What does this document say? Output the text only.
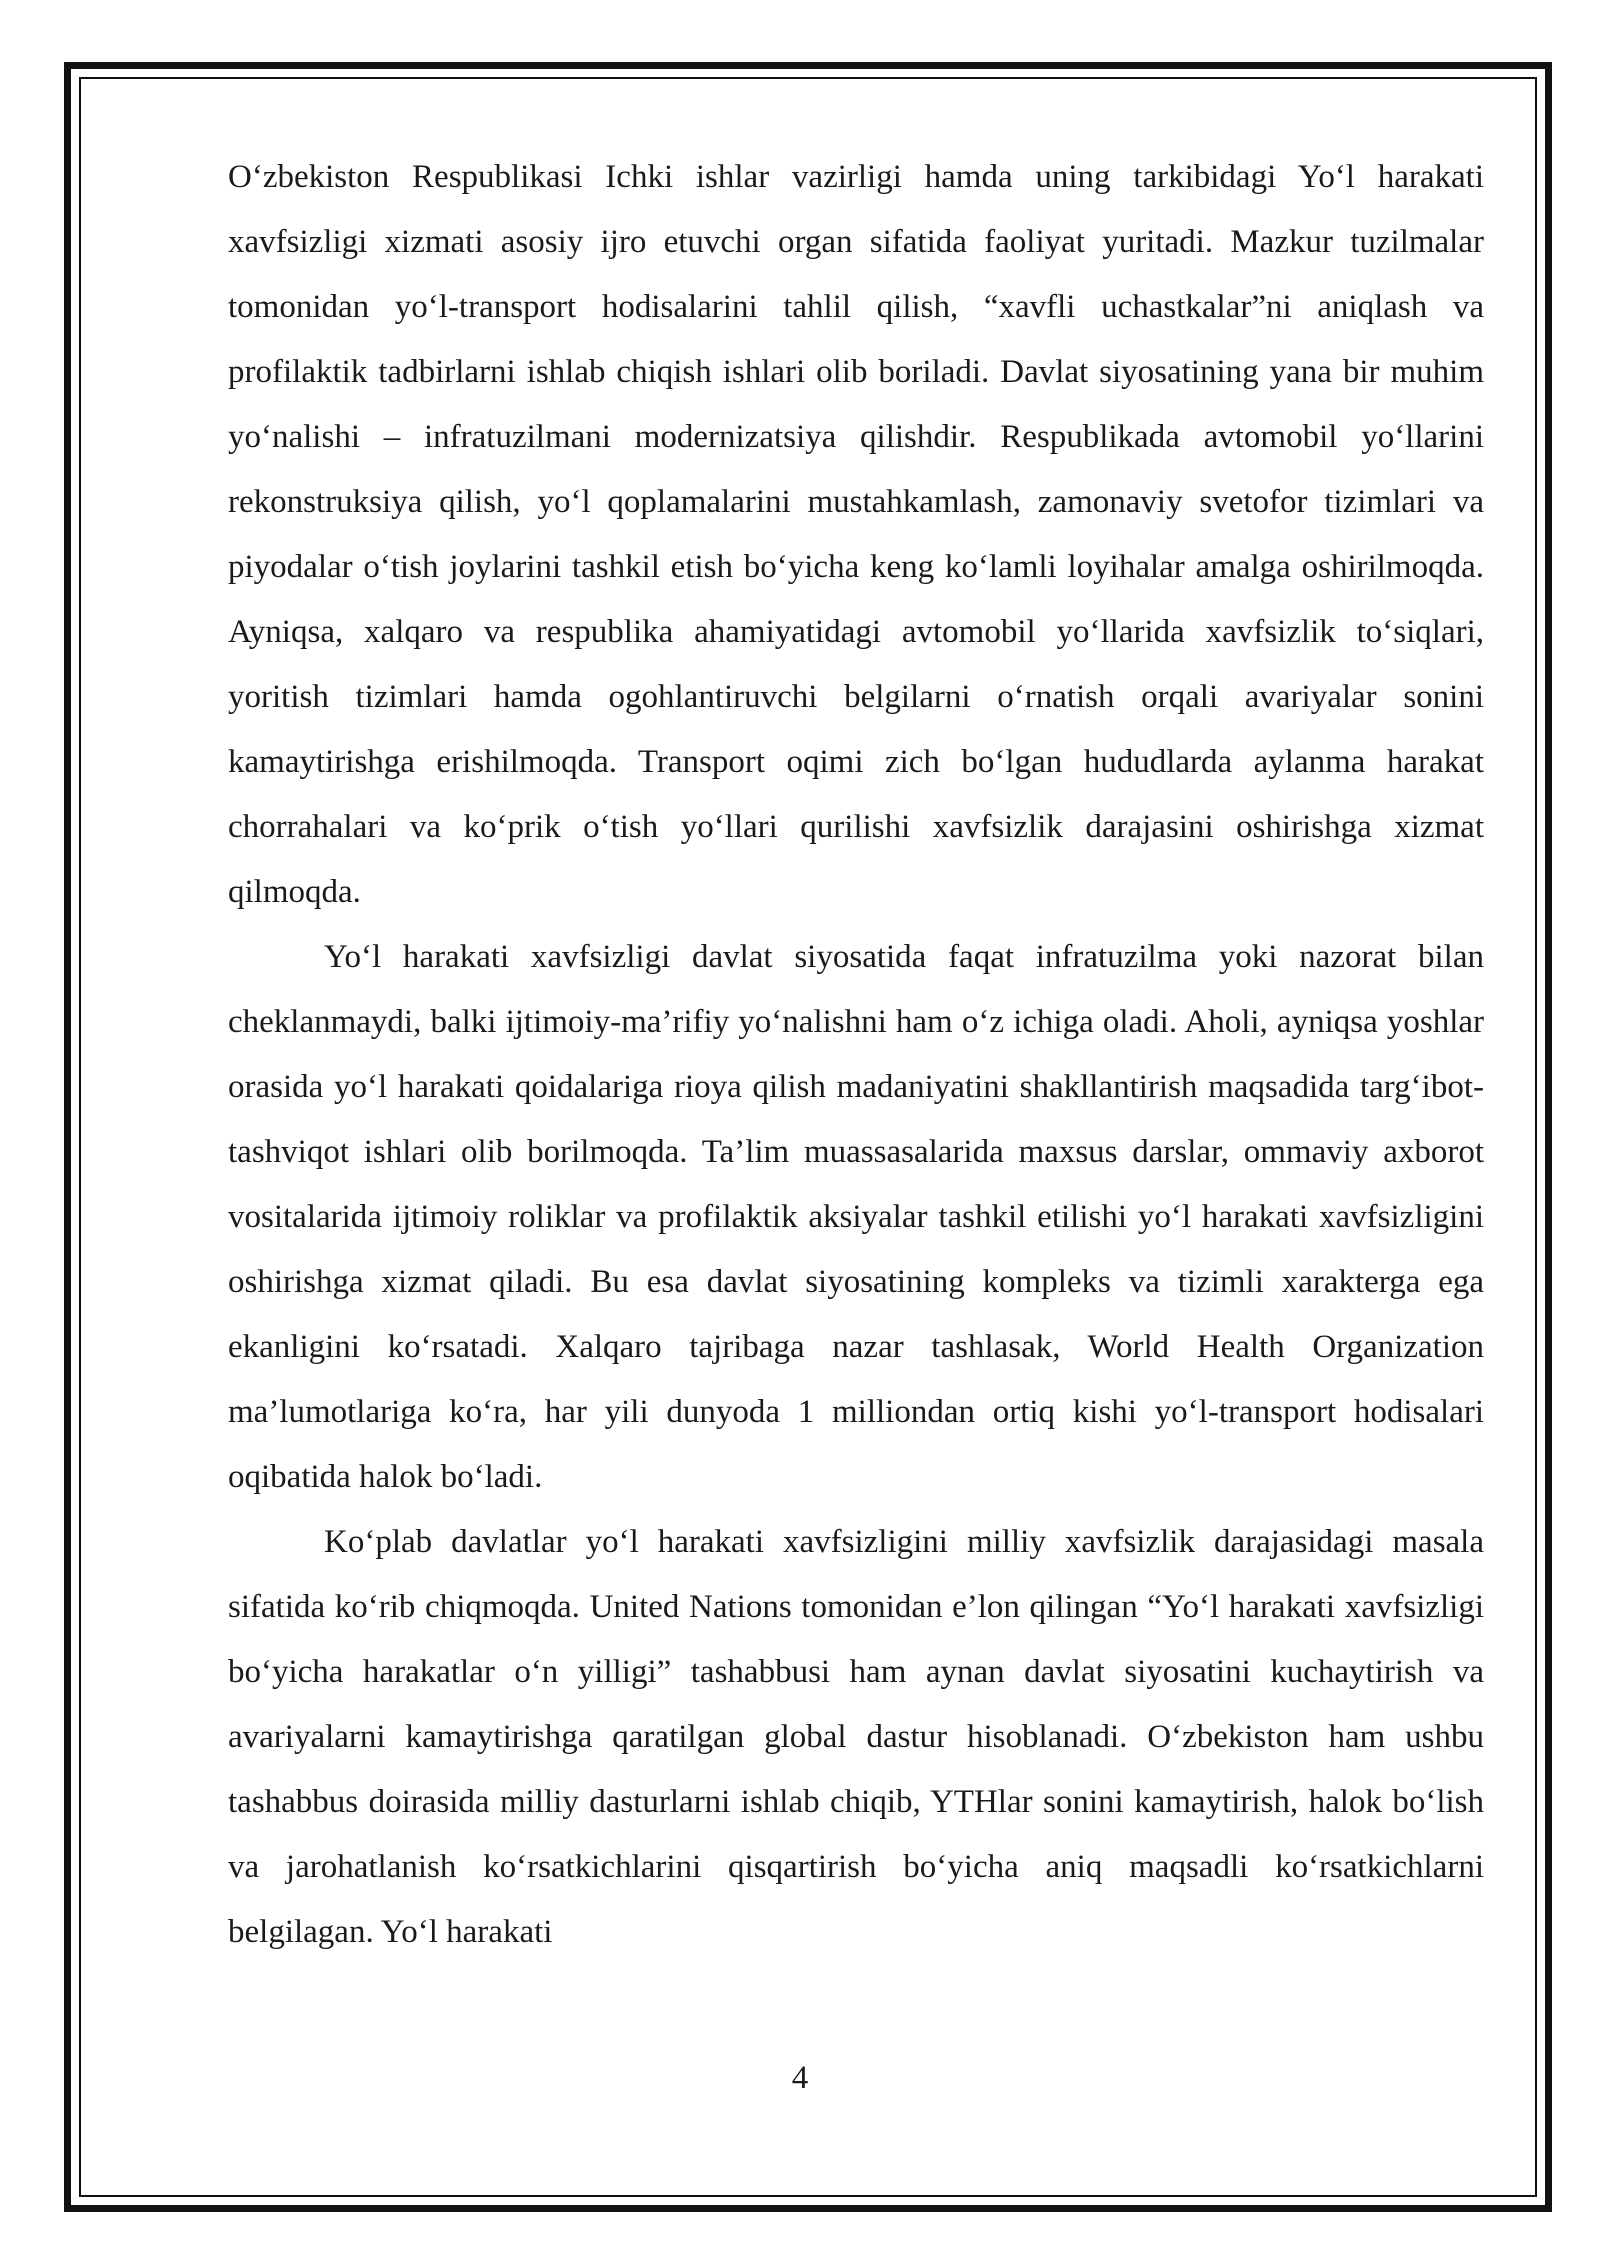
O‘zbekiston Respublikasi Ichki ishlar vazirligi hamda uning tarkibidagi Yo‘l harakati xavfsizligi xizmati asosiy ijro etuvchi organ sifatida faoliyat yuritadi. Mazkur tuzilmalar tomonidan yo‘l-transport hodisalarini tahlil qilish, “xavfli uchastkalar”ni aniqlash va profilaktik tadbirlarni ishlab chiqish ishlari olib boriladi. Davlat siyosatining yana bir muhim yo‘nalishi – infratuzilmani modernizatsiya qilishdir. Respublikada avtomobil yo‘llarini rekonstruksiya qilish, yo‘l qoplamalarini mustahkamlash, zamonaviy svetofor tizimlari va piyodalar o‘tish joylarini tashkil etish bo‘yicha keng ko‘lamli loyihalar amalga oshirilmoqda. Ayniqsa, xalqaro va respublika ahamiyatidagi avtomobil yo‘llarida xavfsizlik to‘siqlari, yoritish tizimlari hamda ogohlantiruvchi belgilarni o‘rnatish orqali avariyalar sonini kamaytirishga erishilmoqda. Transport oqimi zich bo‘lgan hududlarda aylanma harakat chorrahalari va ko‘prik o‘tish yo‘llari qurilishi xavfsizlik darajasini oshirishga xizmat qilmoqda.

Yo‘l harakati xavfsizligi davlat siyosatida faqat infratuzilma yoki nazorat bilan cheklanmaydi, balki ijtimoiy-ma’rifiy yo‘nalishni ham o‘z ichiga oladi. Aholi, ayniqsa yoshlar orasida yo‘l harakati qoidalariga rioya qilish madaniyatini shakllantirish maqsadida targ‘ibot-tashviqot ishlari olib borilmoqda. Ta’lim muassasalarida maxsus darslar, ommaviy axborot vositalarida ijtimoiy roliklar va profilaktik aksiyalar tashkil etilishi yo‘l harakati xavfsizligini oshirishga xizmat qiladi. Bu esa davlat siyosatining kompleks va tizimli xarakterga ega ekanligini ko‘rsatadi. Xalqaro tajribaga nazar tashlasak, World Health Organization ma’lumotlariga ko‘ra, har yili dunyoda 1 milliondan ortiq kishi yo‘l-transport hodisalari oqibatida halok bo‘ladi.

Ko‘plab davlatlar yo‘l harakati xavfsizligini milliy xavfsizlik darajasidagi masala sifatida ko‘rib chiqmoqda. United Nations tomonidan e’lon qilingan “Yo‘l harakati xavfsizligi bo‘yicha harakatlar o‘n yilligi” tashabbusi ham aynan davlat siyosatini kuchaytirish va avariyalarni kamaytirishga qaratilgan global dastur hisoblanadi. O‘zbekiston ham ushbu tashabbus doirasida milliy dasturlarni ishlab chiqib, YTHlar sonini kamaytirish, halok bo‘lish va jarohatlanish ko‘rsatkichlarini qisqartirish bo‘yicha aniq maqsadli ko‘rsatkichlarni belgilagan. Yo‘l harakati

4
